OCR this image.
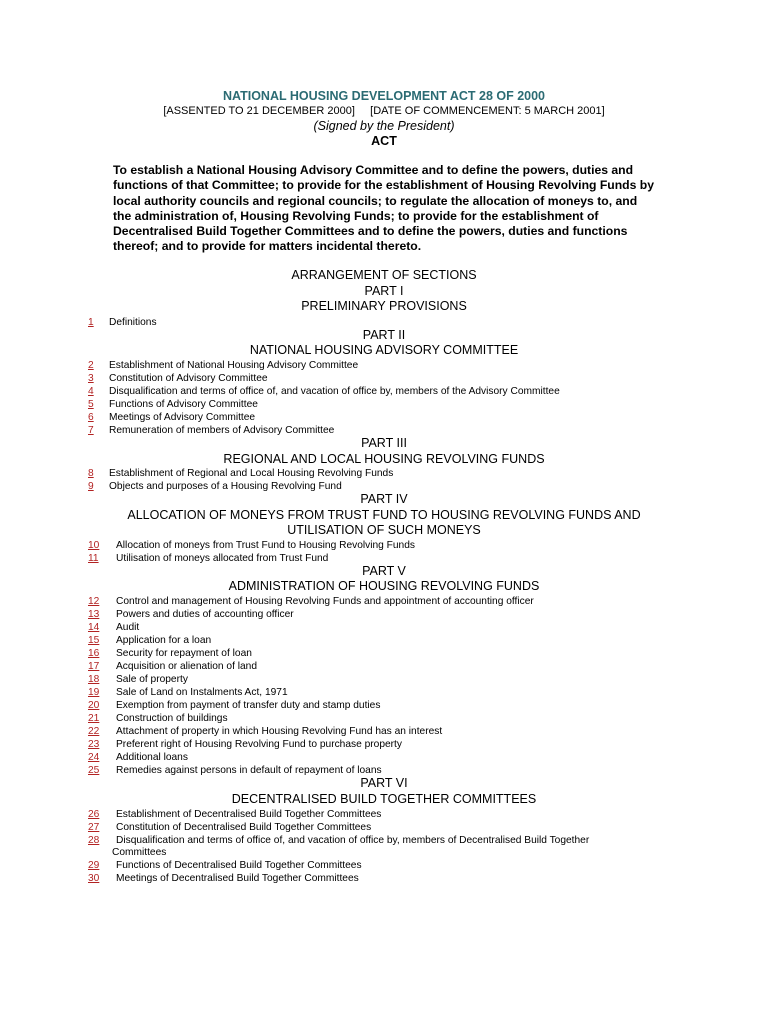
NATIONAL HOUSING DEVELOPMENT ACT 28 OF 2000
[ASSENTED TO 21 DECEMBER 2000]     [DATE OF COMMENCEMENT: 5 MARCH 2001]
(Signed by the President)
ACT
To establish a National Housing Advisory Committee and to define the powers, duties and functions of that Committee; to provide for the establishment of Housing Revolving Funds by local authority councils and regional councils; to regulate the allocation of moneys to, and the administration of, Housing Revolving Funds; to provide for the establishment of Decentralised Build Together Committees and to define the powers, duties and functions thereof; and to provide for matters incidental thereto.
ARRANGEMENT OF SECTIONS
PART I
PRELIMINARY PROVISIONS
PART II
NATIONAL HOUSING ADVISORY COMMITTEE
PART III
REGIONAL AND LOCAL HOUSING REVOLVING FUNDS
PART IV
ALLOCATION OF MONEYS FROM TRUST FUND TO HOUSING REVOLVING FUNDS AND
UTILISATION OF SUCH MONEYS
PART V
ADMINISTRATION OF HOUSING REVOLVING FUNDS
PART VI
DECENTRALISED BUILD TOGETHER COMMITTEES
1 Definitions
2 Establishment of National Housing Advisory Committee
3 Constitution of Advisory Committee
4 Disqualification and terms of office of, and vacation of office by, members of the Advisory Committee
5 Functions of Advisory Committee
6 Meetings of Advisory Committee
7 Remuneration of members of Advisory Committee
8 Establishment of Regional and Local Housing Revolving Funds
9 Objects and purposes of a Housing Revolving Fund
10 Allocation of moneys from Trust Fund to Housing Revolving Funds
11 Utilisation of moneys allocated from Trust Fund
12 Control and management of Housing Revolving Funds and appointment of accounting officer
13 Powers and duties of accounting officer
14 Audit
15 Application for a loan
16 Security for repayment of loan
17 Acquisition or alienation of land
18 Sale of property
19 Sale of Land on Instalments Act, 1971
20 Exemption from payment of transfer duty and stamp duties
21 Construction of buildings
22 Attachment of property in which Housing Revolving Fund has an interest
23 Preferent right of Housing Revolving Fund to purchase property
24 Additional loans
25 Remedies against persons in default of repayment of loans
26 Establishment of Decentralised Build Together Committees
27 Constitution of Decentralised Build Together Committees
28 Disqualification and terms of office of, and vacation of office by, members of Decentralised Build Together
Committees
29 Functions of Decentralised Build Together Committees
30 Meetings of Decentralised Build Together Committees
